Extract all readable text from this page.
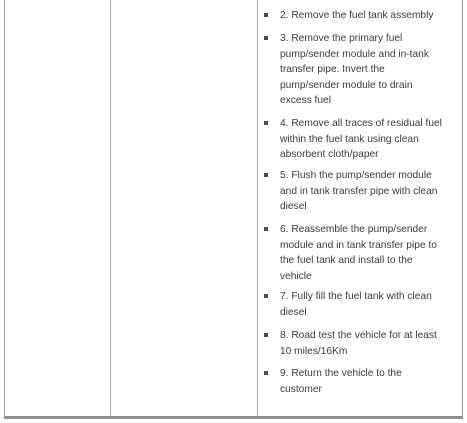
2. Remove the fuel tank assembly
3. Remove the primary fuel
pump/sender module and in-tank
transfer pipe. Invert the
pump/sender module to drain
excess fuel
4. Remove all traces of residual fuel
within the fuel tank using clean
absorbent cloth/paper
5. Flush the pump/sender module
and in tank transfer pipe with clean
diesel
6. Reassemble the pump/sender
module and in tank transfer pipe to
the fuel tank and install to the
vehicle
7. Fully fill the fuel tank with clean
diesel
8. Road test the vehicle for at least
10 miles/16Km
9. Return the vehicle to the
customer
